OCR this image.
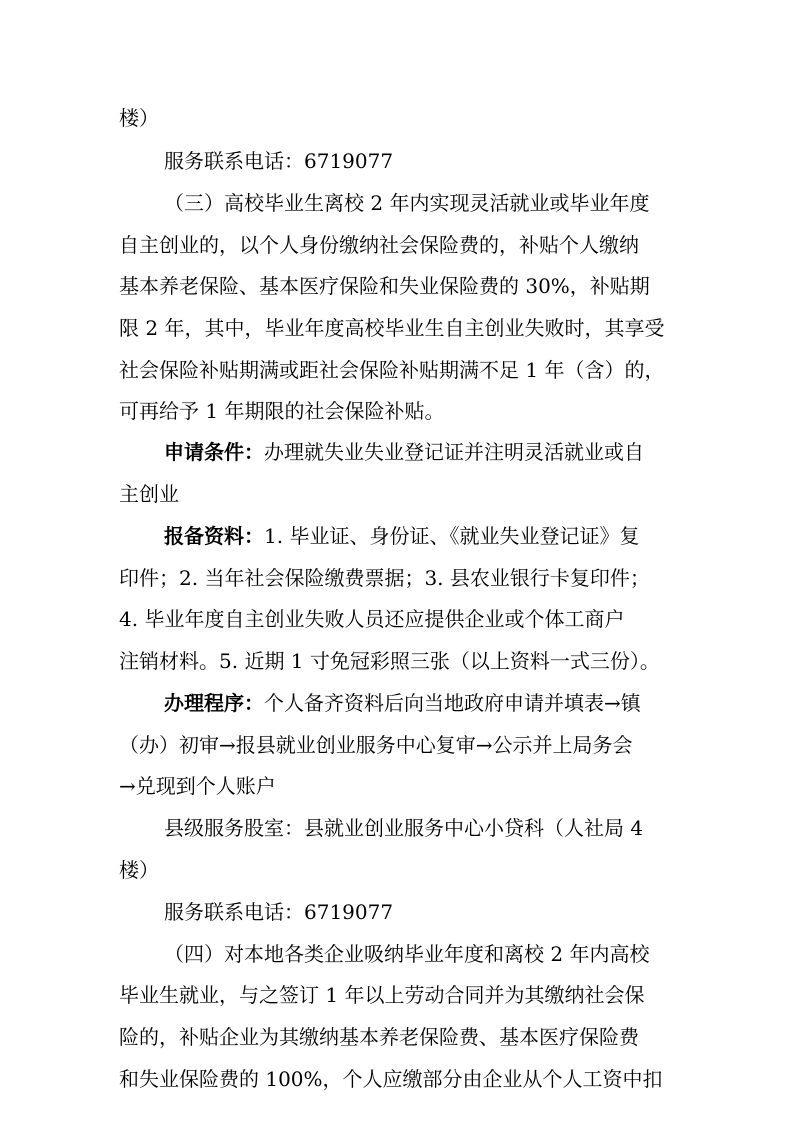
楼）

服务联系电话：6719077

（三）高校毕业生离校 2 年内实现灵活就业或毕业年度

自主创业的，以个人身份缴纳社会保险费的，补贴个人缴纳

基本养老保险、基本医疗保险和失业保险费的 30%，补贴期

限 2 年，其中，毕业年度高校毕业生自主创业失败时，其享受

社会保险补贴期满或距社会保险补贴期满不足 1 年（含）的，

可再给予 1 年期限的社会保险补贴。

申请条件：办理就失业失业登记证并注明灵活就业或自

主创业

报备资料：1. 毕业证、身份证、《就业失业登记证》复

印件；2. 当年社会保险缴费票据；3. 县农业银行卡复印件；

4. 毕业年度自主创业失败人员还应提供企业或个体工商户

注销材料。5. 近期 1 寸免冠彩照三张（以上资料一式三份）。

办理程序：个人备齐资料后向当地政府申请并填表→镇

（办）初审→报县就业创业服务中心复审→公示并上局务会

→兑现到个人账户

县级服务股室：县就业创业服务中心小贷科（人社局 4

楼）

服务联系电话：6719077

（四）对本地各类企业吸纳毕业年度和离校 2 年内高校

毕业生就业，与之签订 1 年以上劳动合同并为其缴纳社会保

险的，补贴企业为其缴纳基本养老保险费、基本医疗保险费

和失业保险费的 100%，个人应缴部分由企业从个人工资中扣
